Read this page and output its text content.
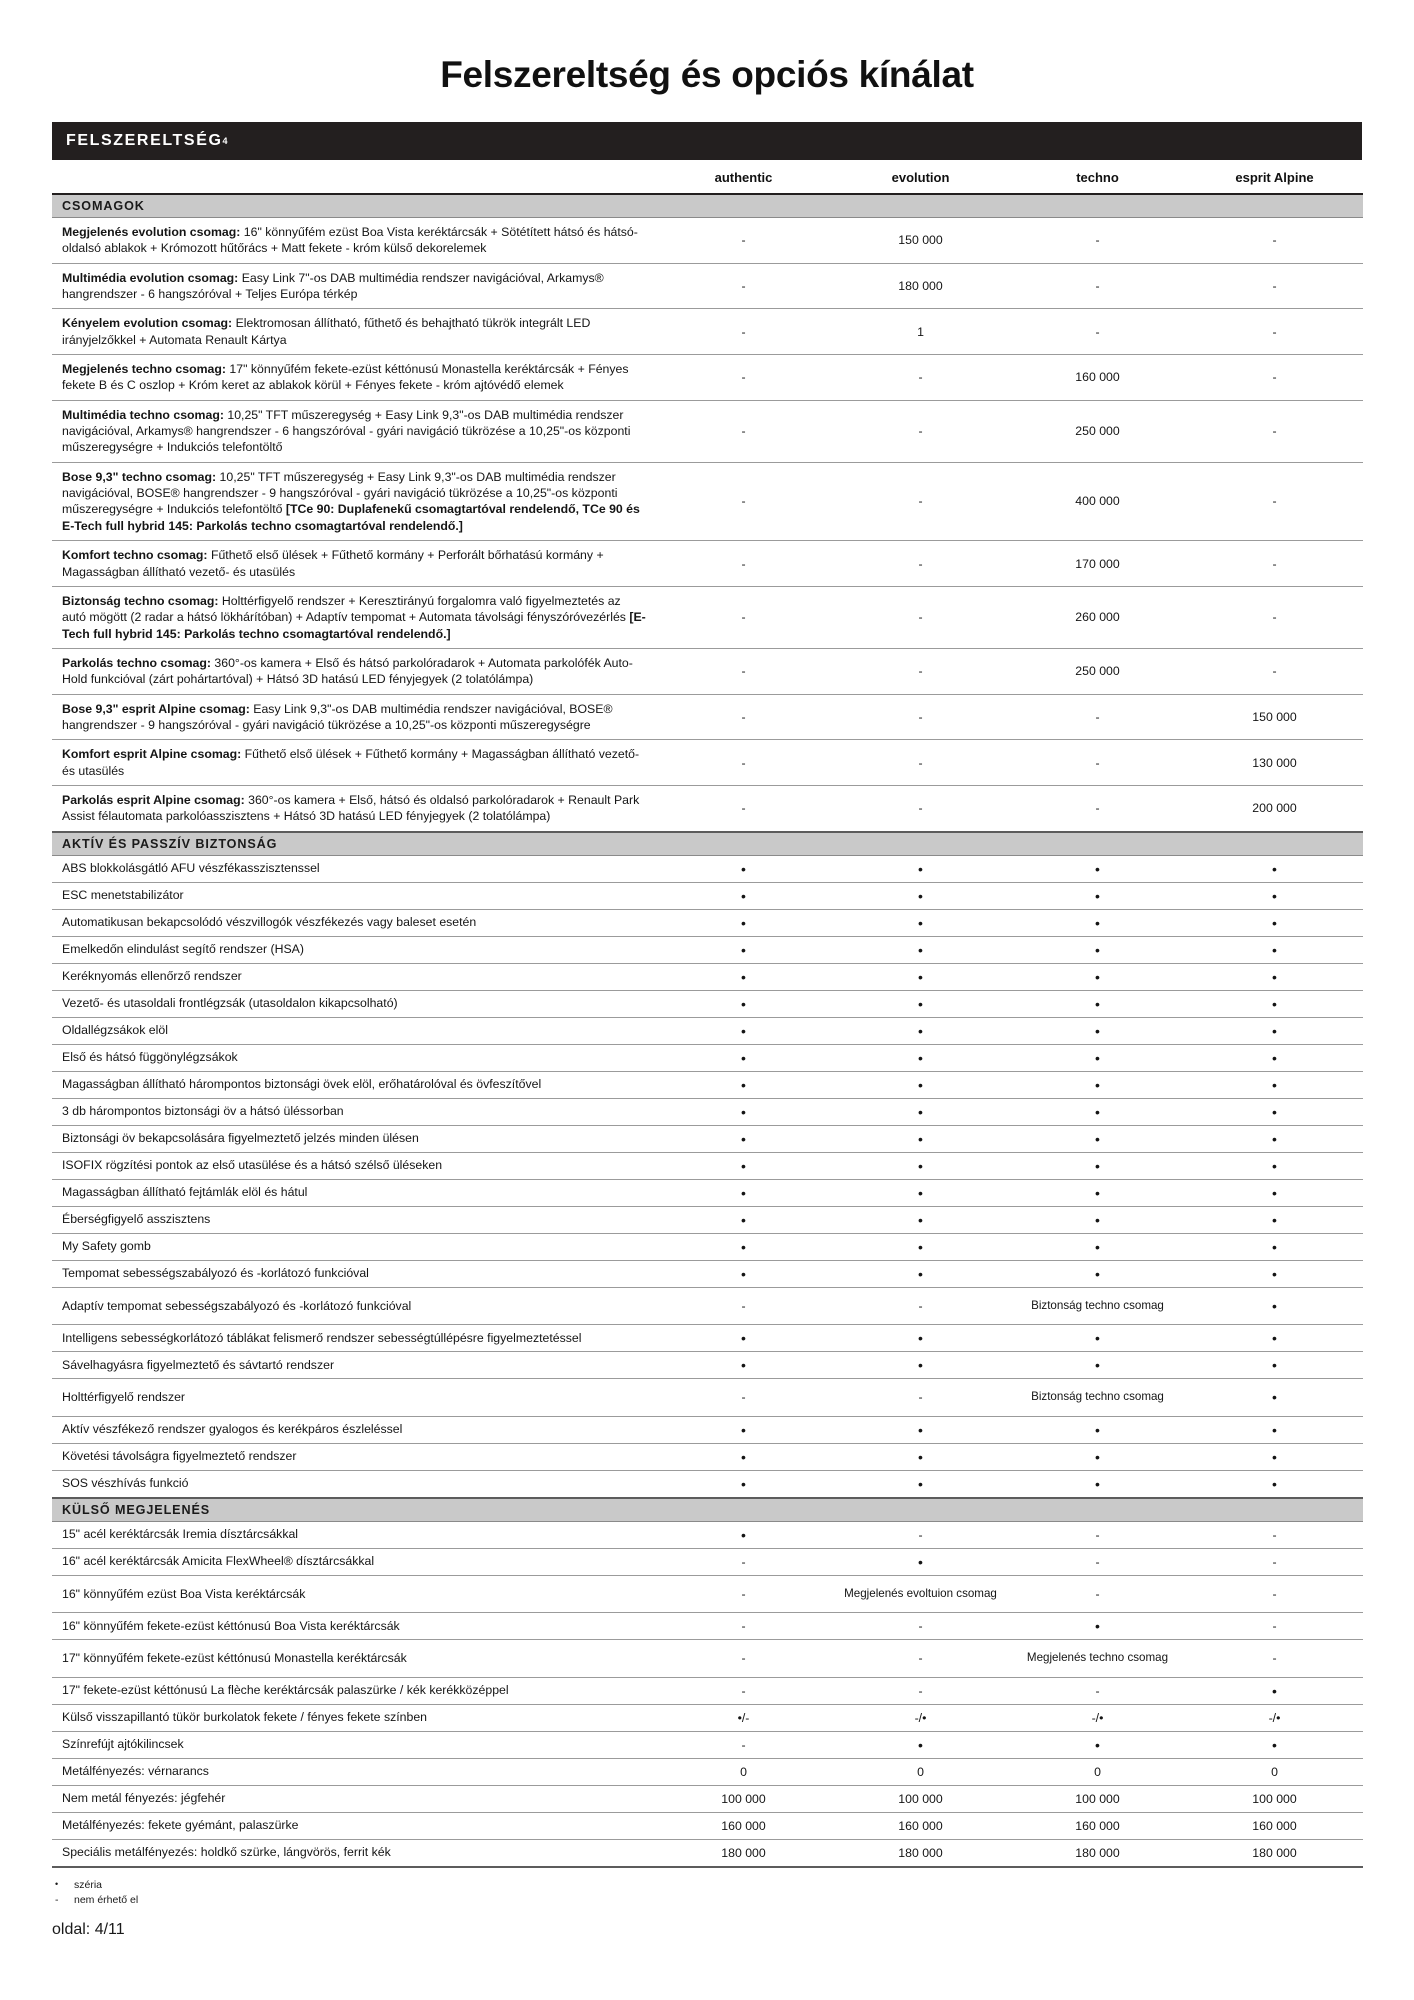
Felszereltség és opciós kínálat
FELSZERELTSÉG 4
	authentic	evolution	techno	esprit Alpine
CSOMAGOK				
Megjelenés evolution csomag: 16" könnyűfém ezüst Boa Vista keréktárcsák + Sötétített hátsó és hátsó-oldalsó ablakok + Krómozott hűtőrács + Matt fekete - króm külső dekorelemek	-	150 000	-	-
Multimédia evolution csomag: Easy Link 7"-os DAB multimédia rendszer navigációval, Arkamys® hangrendszer - 6 hangszóróval + Teljes Európa térkép	-	180 000	-	-
Kényelem evolution csomag: Elektromosan állítható, fűthető és behajtható tükrök integrált LED irányjelzőkkel + Automata Renault Kártya	-	1	-	-
Megjelenés techno csomag: 17" könnyűfém fekete-ezüst kéttónusú Monastella keréktárcsák + Fényes fekete B és C oszlop + Króm keret az ablakok körül + Fényes fekete - króm ajtóvédő elemek	-	-	160 000	-
Multimédia techno csomag: 10,25" TFT műszeregység + Easy Link 9,3"-os DAB multimédia rendszer navigációval, Arkamys® hangrendszer - 6 hangszóróval - gyári navigáció tükrözése a 10,25"-os központi műszeregységre + Indukciós telefontöltő	-	-	250 000	-
Bose 9,3" techno csomag: 10,25" TFT műszeregység + Easy Link 9,3"-os DAB multimédia rendszer navigációval, BOSE® hangrendszer - 9 hangszóróval - gyári navigáció tükrözése a 10,25"-os központi műszeregységre + Indukciós telefontöltő [TCe 90: Duplafenekű csomagtartóval rendelendő, TCe 90 és E-Tech full hybrid 145: Parkolás techno csomagtartóval rendelendő.]	-	-	400 000	-
Komfort techno csomag: Fűthető első ülések + Fűthető kormány + Perforált bőrhatású kormány + Magasságban állítható vezető- és utasülés	-	-	170 000	-
Biztonság techno csomag: Holttérfigyelő rendszer + Keresztirányú forgalomra való figyelmeztetés az autó mögött (2 radar a hátsó lökhárítóban) + Adaptív tempomat + Automata távolsági fényszóróvezérlés [E-Tech full hybrid 145: Parkolás techno csomagtartóval rendelendő.]	-	-	260 000	-
Parkolás techno csomag: 360°-os kamera + Első és hátsó parkolóradarok + Automata parkolófék Auto-Hold funkcióval (zárt pohártartóval) + Hátsó 3D hatású LED fényjegyek (2 tolatólámpa)	-	-	250 000	-
Bose 9,3" esprit Alpine csomag: Easy Link 9,3"-os DAB multimédia rendszer navigációval, BOSE® hangrendszer - 9 hangszóróval - gyári navigáció tükrözése a 10,25"-os központi műszeregységre	-	-	-	150 000
Komfort esprit Alpine csomag: Fűthető első ülések + Fűthető kormány + Magasságban állítható vezető- és utasülés	-	-	-	130 000
Parkolás esprit Alpine csomag: 360°-os kamera + Első, hátsó és oldalsó parkolóradarok + Renault Park Assist félautomata parkolóasszisztens + Hátsó 3D hatású LED fényjegyek (2 tolatólámpa)	-	-	-	200 000
AKTÍV ÉS PASSZÍV BIZTONSÁG				
ABS blokkolásgátló AFU vészfékasszisztenssel	•	•	•	•
ESC menetstabilizátor	•	•	•	•
Automatikusan bekapcsolódó vészvillogók vészfékezés vagy baleset esetén	•	•	•	•
Emelkedőn elindulást segítő rendszer (HSA)	•	•	•	•
Keréknyomás ellenőrző rendszer	•	•	•	•
Vezető- és utasoldali frontlégzsák (utasoldalon kikapcsolható)	•	•	•	•
Oldallégzsákok elöl	•	•	•	•
Első és hátsó függönylégzsákok	•	•	•	•
Magasságban állítható hárompontos biztonsági övek elöl, erőhatárolóval és övfeszítővel	•	•	•	•
3 db hárompontos biztonsági öv a hátsó üléssorban	•	•	•	•
Biztonsági öv bekapcsolására figyelmeztető jelzés minden ülésen	•	•	•	•
ISOFIX rögzítési pontok az első utasülése és a hátsó szélső üléseken	•	•	•	•
Magasságban állítható fejtámlák elöl és hátul	•	•	•	•
Éberségfigyelő asszisztens	•	•	•	•
My Safety gomb	•	•	•	•
Tempomat sebességszabályozó és -korlátozó funkcióval	•	•	•	•
Adaptív tempomat sebességszabályozó és -korlátozó funkcióval	-	-	Biztonság techno csomag	•
Intelligens sebességkorlátozó táblákat felismerő rendszer sebességtúllépésre figyelmeztetéssel	•	•	•	•
Sávelhagyásra figyelmeztető és sávtartó rendszer	•	•	•	•
Holttérfigyelő rendszer	-	-	Biztonság techno csomag	•
Aktív vészfékező rendszer gyalogos és kerékpáros észleléssel	•	•	•	•
Követési távolságra figyelmeztető rendszer	•	•	•	•
SOS vészhívás funkció	•	•	•	•
KÜLSŐ MEGJELENÉS				
15" acél keréktárcsák Iremia dísztárcsákkal	•	-	-	-
16" acél keréktárcsák Amicita FlexWheel® dísztárcsákkal	-	•	-	-
16" könnyűfém ezüst Boa Vista keréktárcsák	-	Megjelenés evoltuion csomag	-	-
16" könnyűfém fekete-ezüst kéttónusú Boa Vista keréktárcsák	-	-	•	-
17" könnyűfém fekete-ezüst kéttónusú Monastella keréktárcsák	-	-	Megjelenés techno csomag	-
17" fekete-ezüst kéttónusú La flèche keréktárcsák palaszürke / kék kerékközéppel	-	-	-	•
Külső visszapillantó tükör burkolatok fekete / fényes fekete színben	•/-	-/•	-/•	-/•
Színrefújt ajtókilincsek	-	•	•	•
Metálfényezés: vérnarancs	0	0	0	0
Nem metál fényezés: jégfehér	100 000	100 000	100 000	100 000
Metálfényezés: fekete gyémánt, palaszürke	160 000	160 000	160 000	160 000
Speciális metálfényezés: holdkő szürke, lángvörös, ferrit kék	180 000	180 000	180 000	180 000
•	széria
-	nem érhető el
oldal: 4/11
